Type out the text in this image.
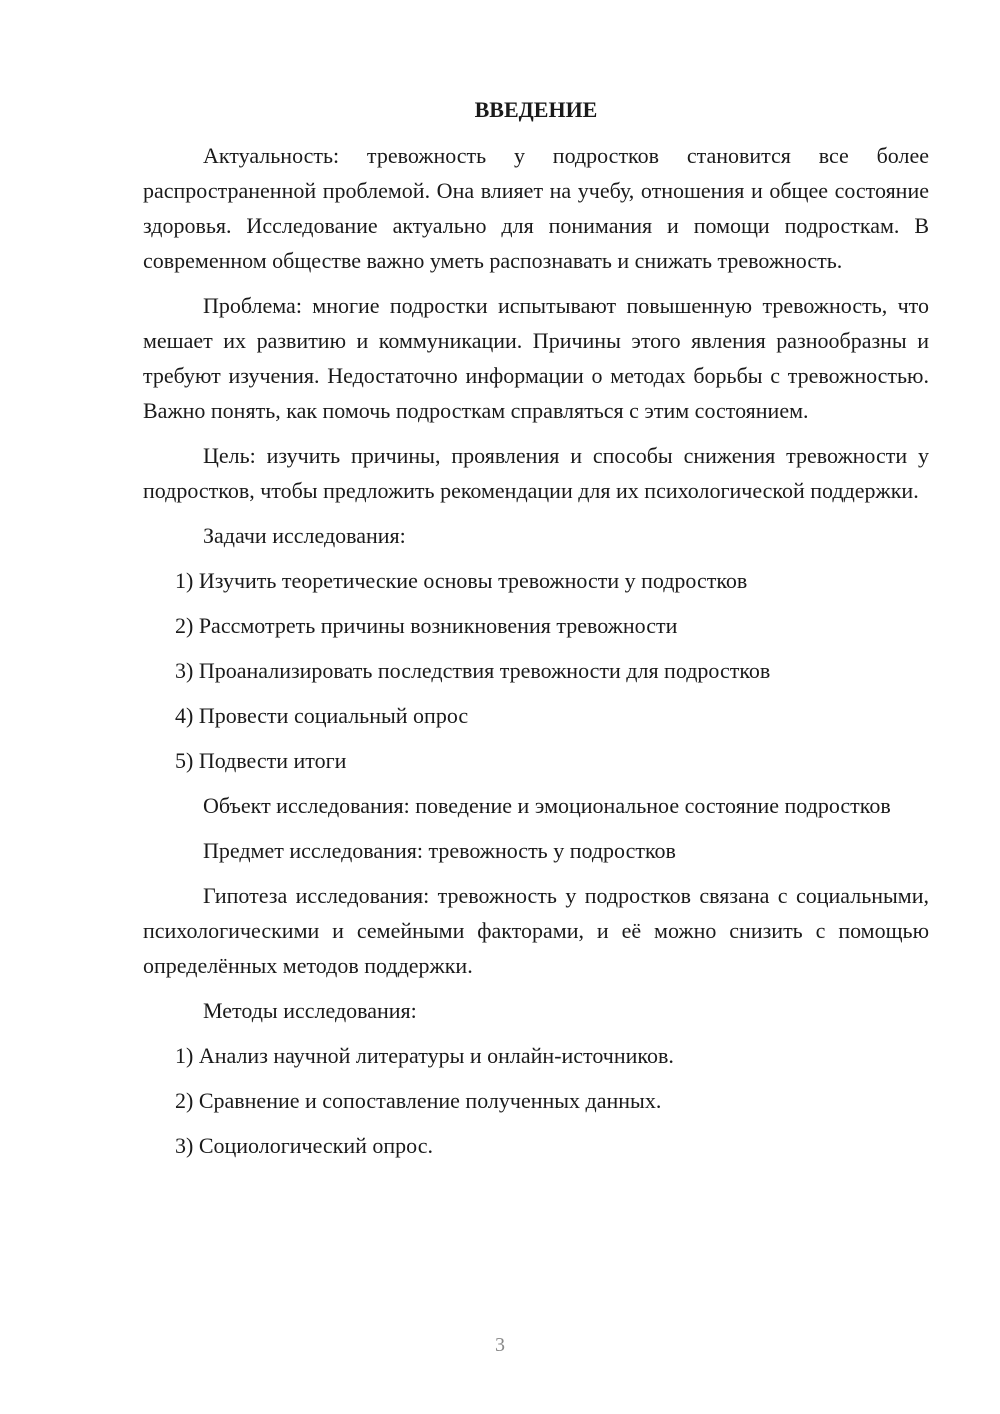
ВВЕДЕНИЕ

Актуальность: тревожность у подростков становится все более распространенной проблемой. Она влияет на учебу, отношения и общее состояние здоровья. Исследование актуально для понимания и помощи подросткам. В современном обществе важно уметь распознавать и снижать тревожность.

Проблема: многие подростки испытывают повышенную тревожность, что мешает их развитию и коммуникации. Причины этого явления разнообразны и требуют изучения. Недостаточно информации о методах борьбы с тревожностью. Важно понять, как помочь подросткам справляться с этим состоянием.

Цель: изучить причины, проявления и способы снижения тревожности у подростков, чтобы предложить рекомендации для их психологической поддержки.

Задачи исследования:
1) Изучить теоретические основы тревожности у подростков
2) Рассмотреть причины возникновения тревожности
3) Проанализировать последствия тревожности для подростков
4) Провести социальный опрос
5) Подвести итоги

Объект исследования: поведение и эмоциональное состояние подростков

Предмет исследования: тревожность у подростков

Гипотеза исследования: тревожность у подростков связана с социальными, психологическими и семейными факторами, и её можно снизить с помощью определённых методов поддержки.

Методы исследования:
1) Анализ научной литературы и онлайн-источников.
2) Сравнение и сопоставление полученных данных.
3) Социологический опрос.
3
